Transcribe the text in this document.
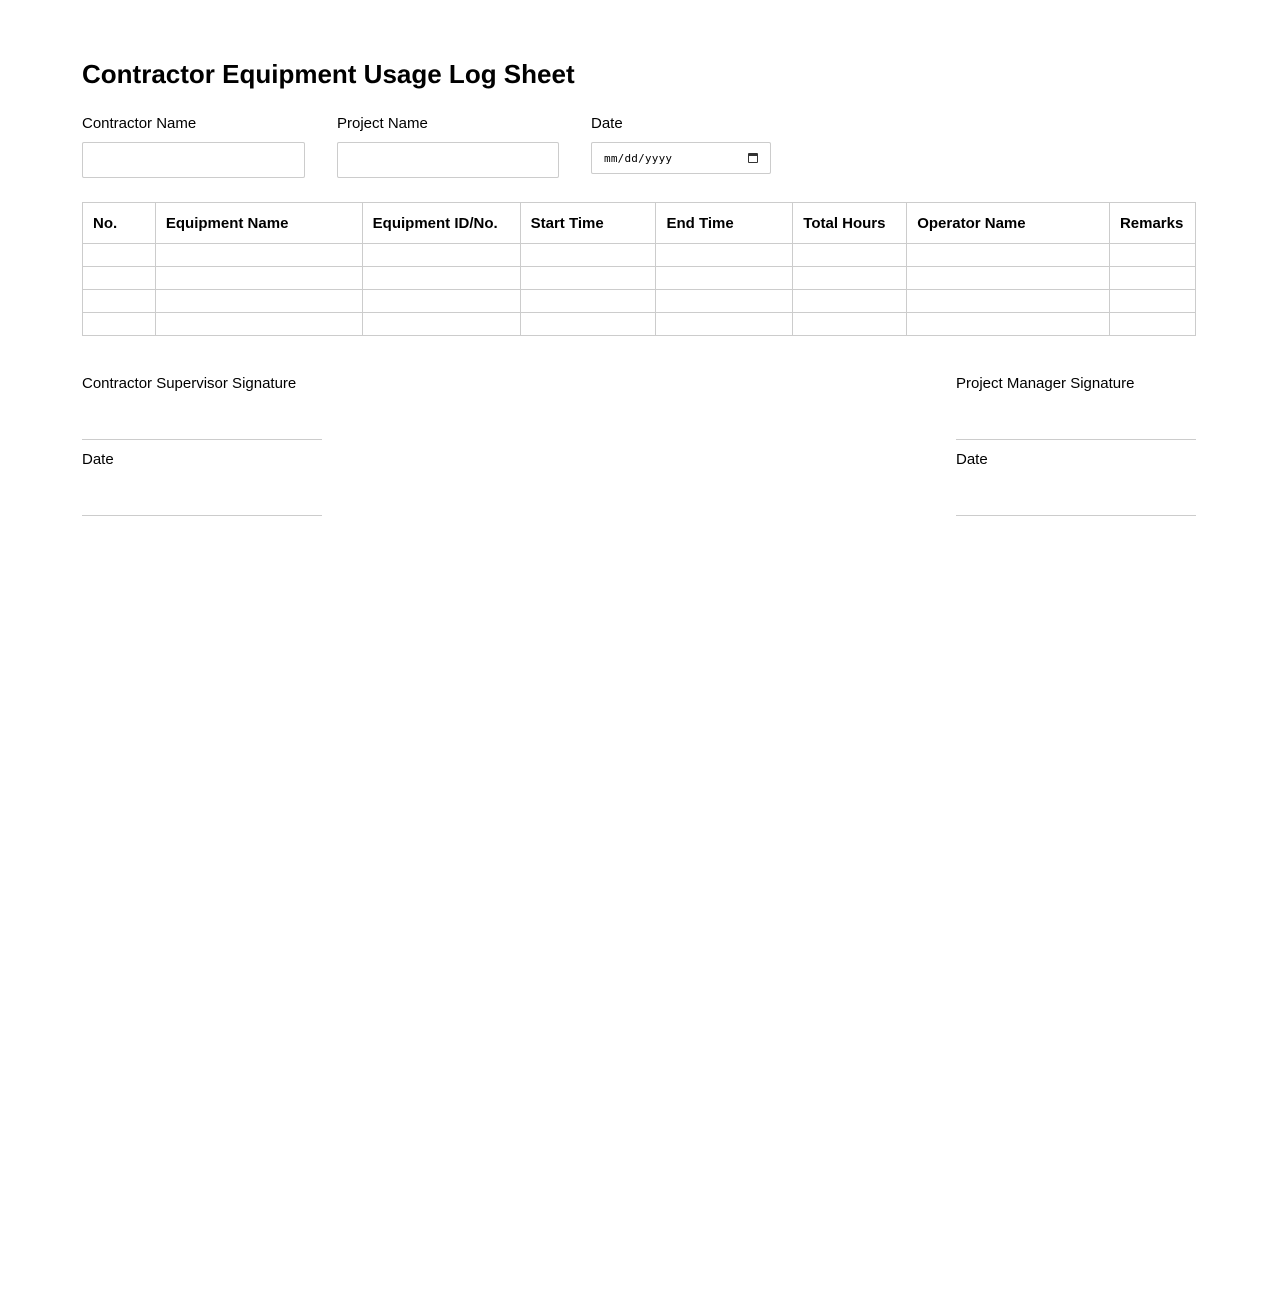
Contractor Equipment Usage Log Sheet
Contractor Name	Project Name	Date
mm/dd/yyyy
No.	Equipment Name	Equipment ID/No.	Start Time	End Time	Total Hours	Operator Name	Remarks

Contractor Supervisor Signature
Date
Project Manager Signature
Date
